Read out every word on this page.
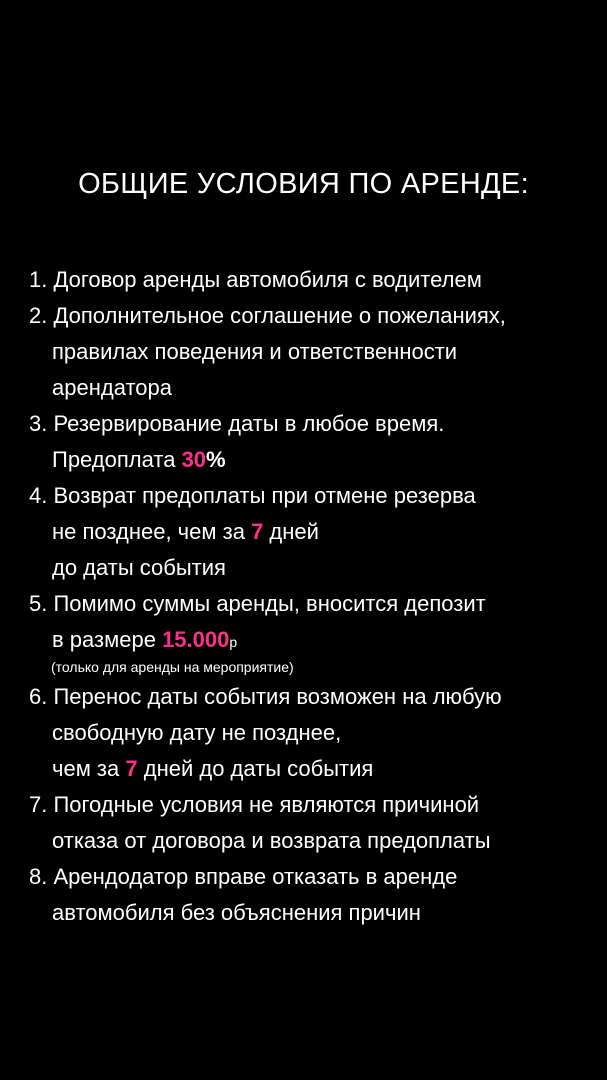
ОБЩИЕ УСЛОВИЯ ПО АРЕНДЕ:
1. Договор аренды автомобиля с водителем
2. Дополнительное соглашение о пожеланиях,
правилах поведения и ответственности
арендатора
3. Резервирование даты в любое время.
Предоплата 30%
4. Возврат предоплаты при отмене резерва
не позднее, чем за 7 дней
до даты события
5. Помимо суммы аренды, вносится депозит
в размере 15.000р
(только для аренды на мероприятие)
6. Перенос даты события возможен на любую
свободную дату не позднее,
чем за 7 дней до даты события
7. Погодные условия не являются причиной
отказа от договора и возврата предоплаты
8. Арендодатор вправе отказать в аренде
автомобиля без объяснения причин
